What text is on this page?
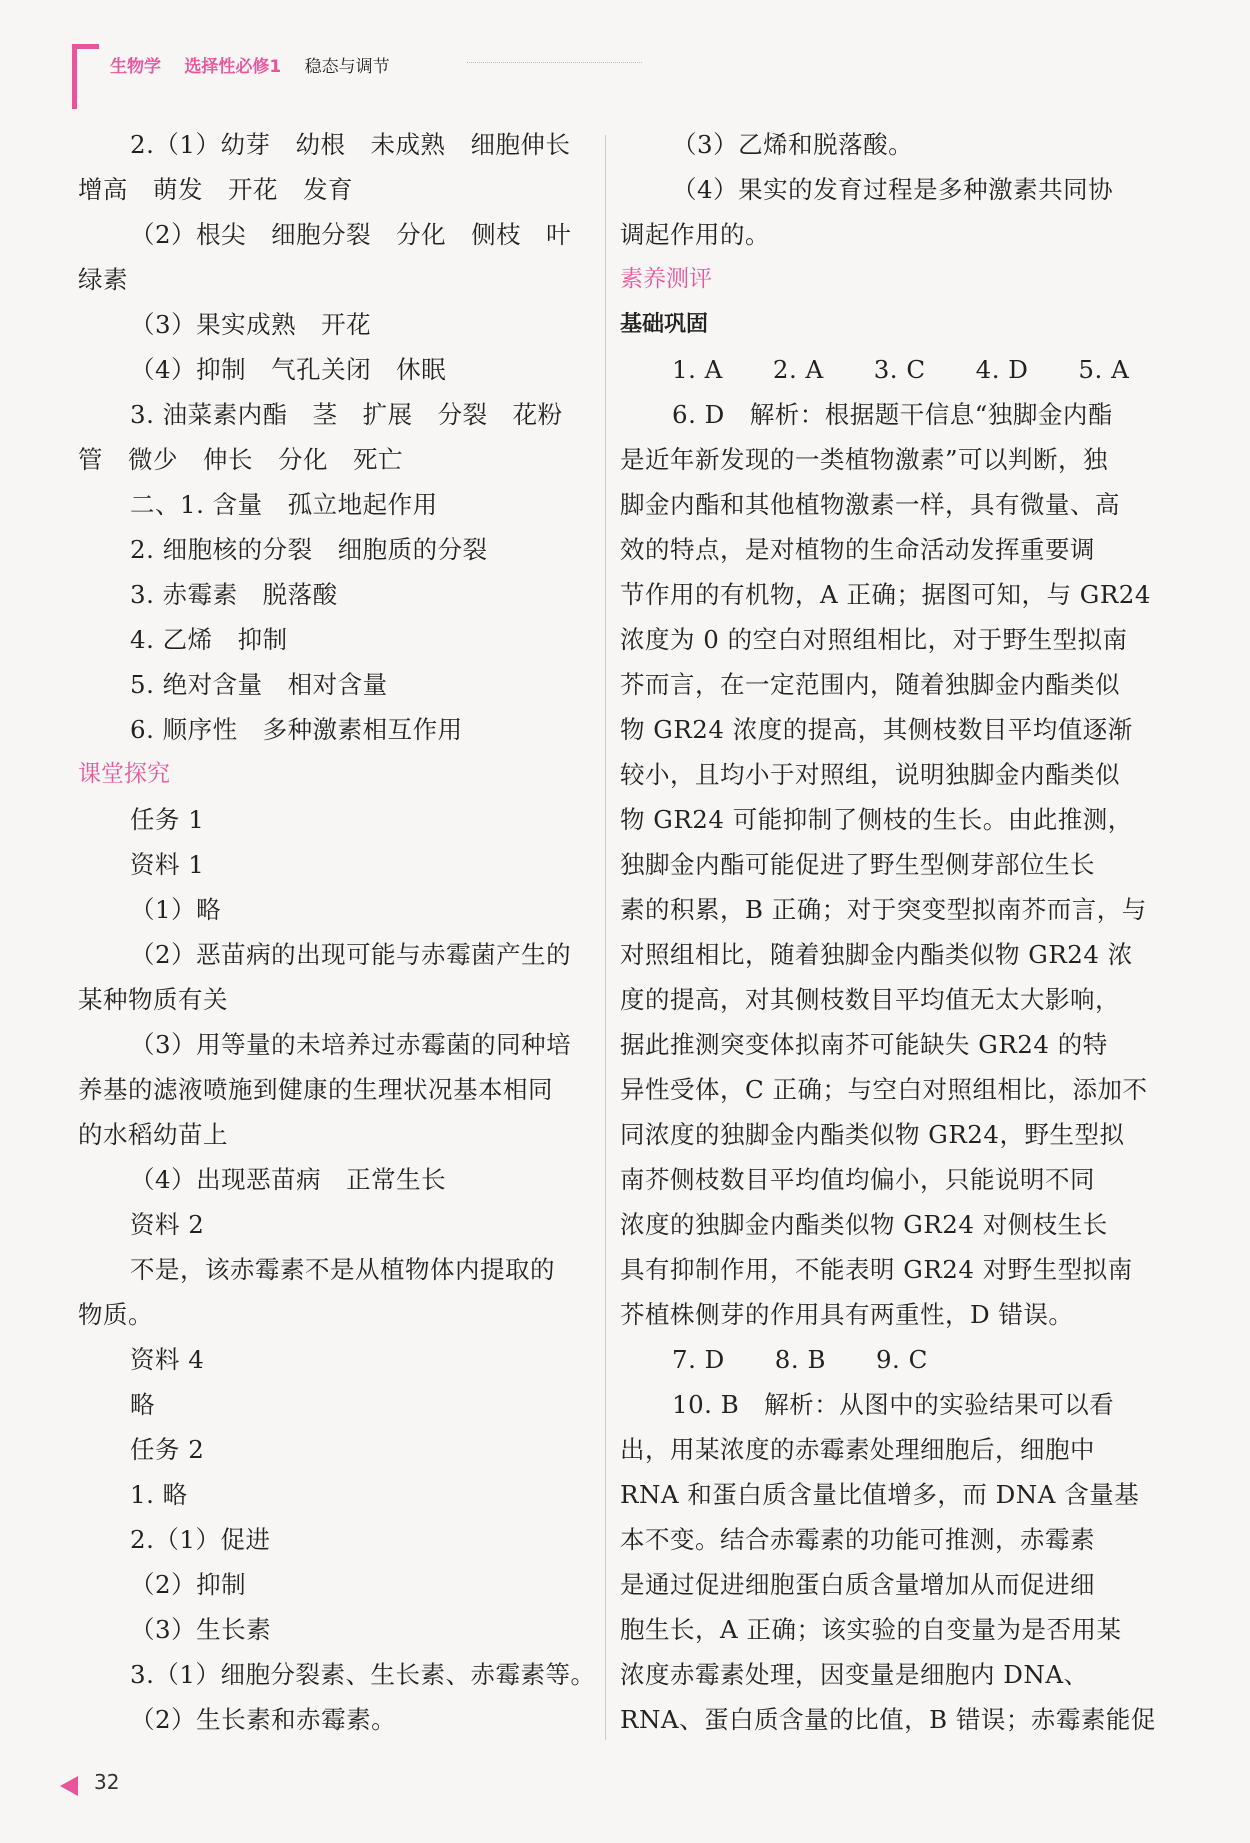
生物学 选择性必修1 稳态与调节
2.（1）幼芽　幼根　未成熟　细胞伸长
增高　萌发　开花　发育
（2）根尖　细胞分裂　分化　侧枝　叶
绿素
（3）果实成熟　开花
（4）抑制　气孔关闭　休眠
3. 油菜素内酯　茎　扩展　分裂　花粉
管　微少　伸长　分化　死亡
二、1. 含量　孤立地起作用
2. 细胞核的分裂　细胞质的分裂
3. 赤霉素　脱落酸
4. 乙烯　抑制
5. 绝对含量　相对含量
6. 顺序性　多种激素相互作用
课堂探究
任务 1
资料 1
（1）略
（2）恶苗病的出现可能与赤霉菌产生的
某种物质有关
（3）用等量的未培养过赤霉菌的同种培
养基的滤液喷施到健康的生理状况基本相同
的水稻幼苗上
（4）出现恶苗病　正常生长
资料 2
不是，该赤霉素不是从植物体内提取的
物质。
资料 4
略
任务 2
1. 略
2.（1）促进
（2）抑制
（3）生长素
3.（1）细胞分裂素、生长素、赤霉素等。
（2）生长素和赤霉素。
（3）乙烯和脱落酸。
（4）果实的发育过程是多种激素共同协
调起作用的。
素养测评
基础巩固
1. A　　2. A　　3. C　　4. D　　5. A
6. D　解析：根据题干信息“独脚金内酯
是近年新发现的一类植物激素”可以判断，独
脚金内酯和其他植物激素一样，具有微量、高
效的特点，是对植物的生命活动发挥重要调
节作用的有机物，A 正确；据图可知，与 GR24
浓度为 0 的空白对照组相比，对于野生型拟南
芥而言，在一定范围内，随着独脚金内酯类似
物 GR24 浓度的提高，其侧枝数目平均值逐渐
较小，且均小于对照组，说明独脚金内酯类似
物 GR24 可能抑制了侧枝的生长。由此推测，
独脚金内酯可能促进了野生型侧芽部位生长
素的积累，B 正确；对于突变型拟南芥而言，与
对照组相比，随着独脚金内酯类似物 GR24 浓
度的提高，对其侧枝数目平均值无太大影响，
据此推测突变体拟南芥可能缺失 GR24 的特
异性受体，C 正确；与空白对照组相比，添加不
同浓度的独脚金内酯类似物 GR24，野生型拟
南芥侧枝数目平均值均偏小，只能说明不同
浓度的独脚金内酯类似物 GR24 对侧枝生长
具有抑制作用，不能表明 GR24 对野生型拟南
芥植株侧芽的作用具有两重性，D 错误。
7. D　　8. B　　9. C
10. B　解析：从图中的实验结果可以看
出，用某浓度的赤霉素处理细胞后，细胞中
RNA 和蛋白质含量比值增多，而 DNA 含量基
本不变。结合赤霉素的功能可推测，赤霉素
是通过促进细胞蛋白质含量增加从而促进细
胞生长，A 正确；该实验的自变量为是否用某
浓度赤霉素处理，因变量是细胞内 DNA、
RNA、蛋白质含量的比值，B 错误；赤霉素能促
32
